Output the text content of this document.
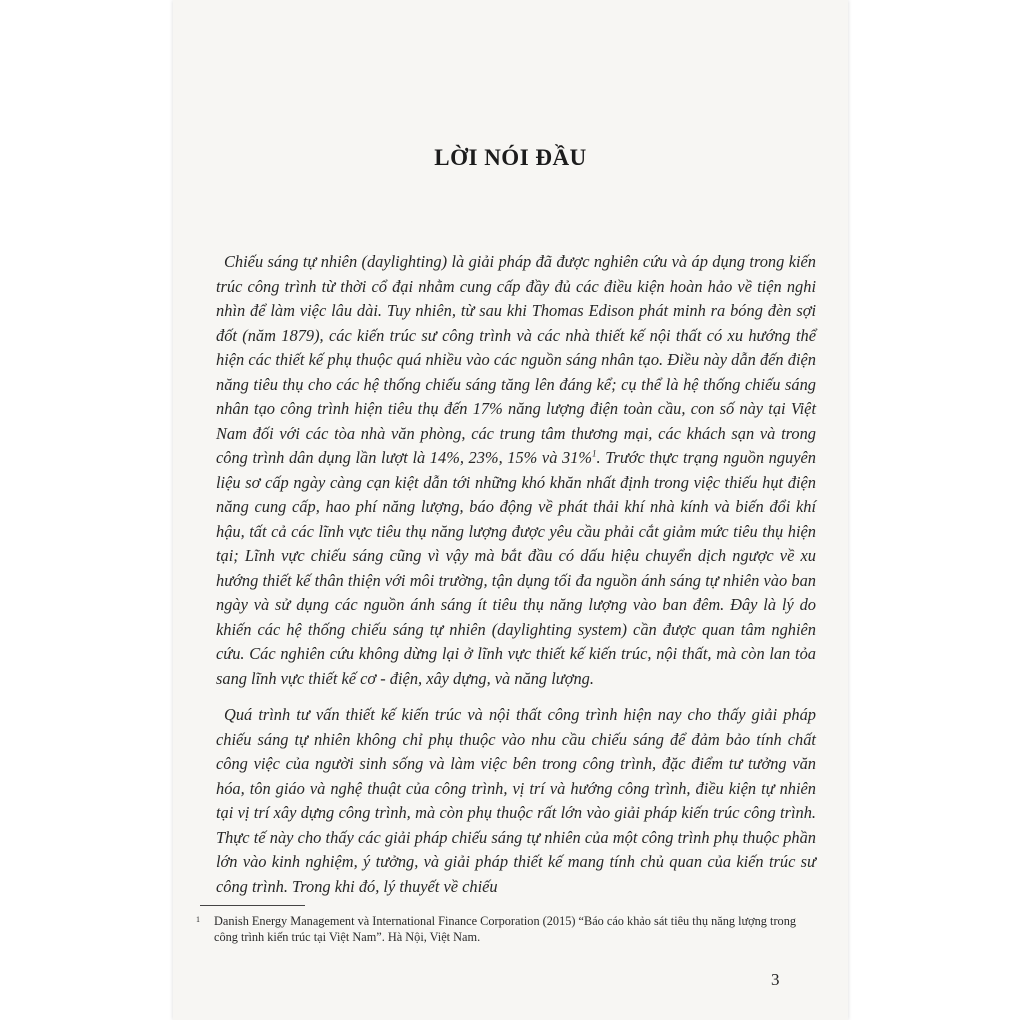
LỜI NÓI ĐẦU

Chiếu sáng tự nhiên (daylighting) là giải pháp đã được nghiên cứu và áp dụng trong kiến trúc công trình từ thời cổ đại nhằm cung cấp đầy đủ các điều kiện hoàn hảo về tiện nghi nhìn để làm việc lâu dài. Tuy nhiên, từ sau khi Thomas Edison phát minh ra bóng đèn sợi đốt (năm 1879), các kiến trúc sư công trình và các nhà thiết kế nội thất có xu hướng thể hiện các thiết kế phụ thuộc quá nhiều vào các nguồn sáng nhân tạo. Điều này dẫn đến điện năng tiêu thụ cho các hệ thống chiếu sáng tăng lên đáng kể; cụ thể là hệ thống chiếu sáng nhân tạo công trình hiện tiêu thụ đến 17% năng lượng điện toàn cầu, con số này tại Việt Nam đối với các tòa nhà văn phòng, các trung tâm thương mại, các khách sạn và trong công trình dân dụng lần lượt là 14%, 23%, 15% và 31%$^1$. Trước thực trạng nguồn nguyên liệu sơ cấp ngày càng cạn kiệt dẫn tới những khó khăn nhất định trong việc thiếu hụt điện năng cung cấp, hao phí năng lượng, báo động về phát thải khí nhà kính và biến đổi khí hậu, tất cả các lĩnh vực tiêu thụ năng lượng được yêu cầu phải cắt giảm mức tiêu thụ hiện tại; Lĩnh vực chiếu sáng cũng vì vậy mà bắt đầu có dấu hiệu chuyển dịch ngược về xu hướng thiết kế thân thiện với môi trường, tận dụng tối đa nguồn ánh sáng tự nhiên vào ban ngày và sử dụng các nguồn ánh sáng ít tiêu thụ năng lượng vào ban đêm. Đây là lý do khiến các hệ thống chiếu sáng tự nhiên (daylighting system) cần được quan tâm nghiên cứu. Các nghiên cứu không dừng lại ở lĩnh vực thiết kế kiến trúc, nội thất, mà còn lan tỏa sang lĩnh vực thiết kế cơ - điện, xây dựng, và năng lượng.

Quá trình tư vấn thiết kế kiến trúc và nội thất công trình hiện nay cho thấy giải pháp chiếu sáng tự nhiên không chỉ phụ thuộc vào nhu cầu chiếu sáng để đảm bảo tính chất công việc của người sinh sống và làm việc bên trong công trình, đặc điểm tư tưởng văn hóa, tôn giáo và nghệ thuật của công trình, vị trí và hướng công trình, điều kiện tự nhiên tại vị trí xây dựng công trình, mà còn phụ thuộc rất lớn vào giải pháp kiến trúc công trình. Thực tế này cho thấy các giải pháp chiếu sáng tự nhiên của một công trình phụ thuộc phần lớn vào kinh nghiệm, ý tưởng, và giải pháp thiết kế mang tính chủ quan của kiến trúc sư công trình. Trong khi đó, lý thuyết về chiếu

1 Danish Energy Management và International Finance Corporation (2015) “Báo cáo khảo sát tiêu thụ năng lượng trong công trình kiến trúc tại Việt Nam”. Hà Nội, Việt Nam.
3
